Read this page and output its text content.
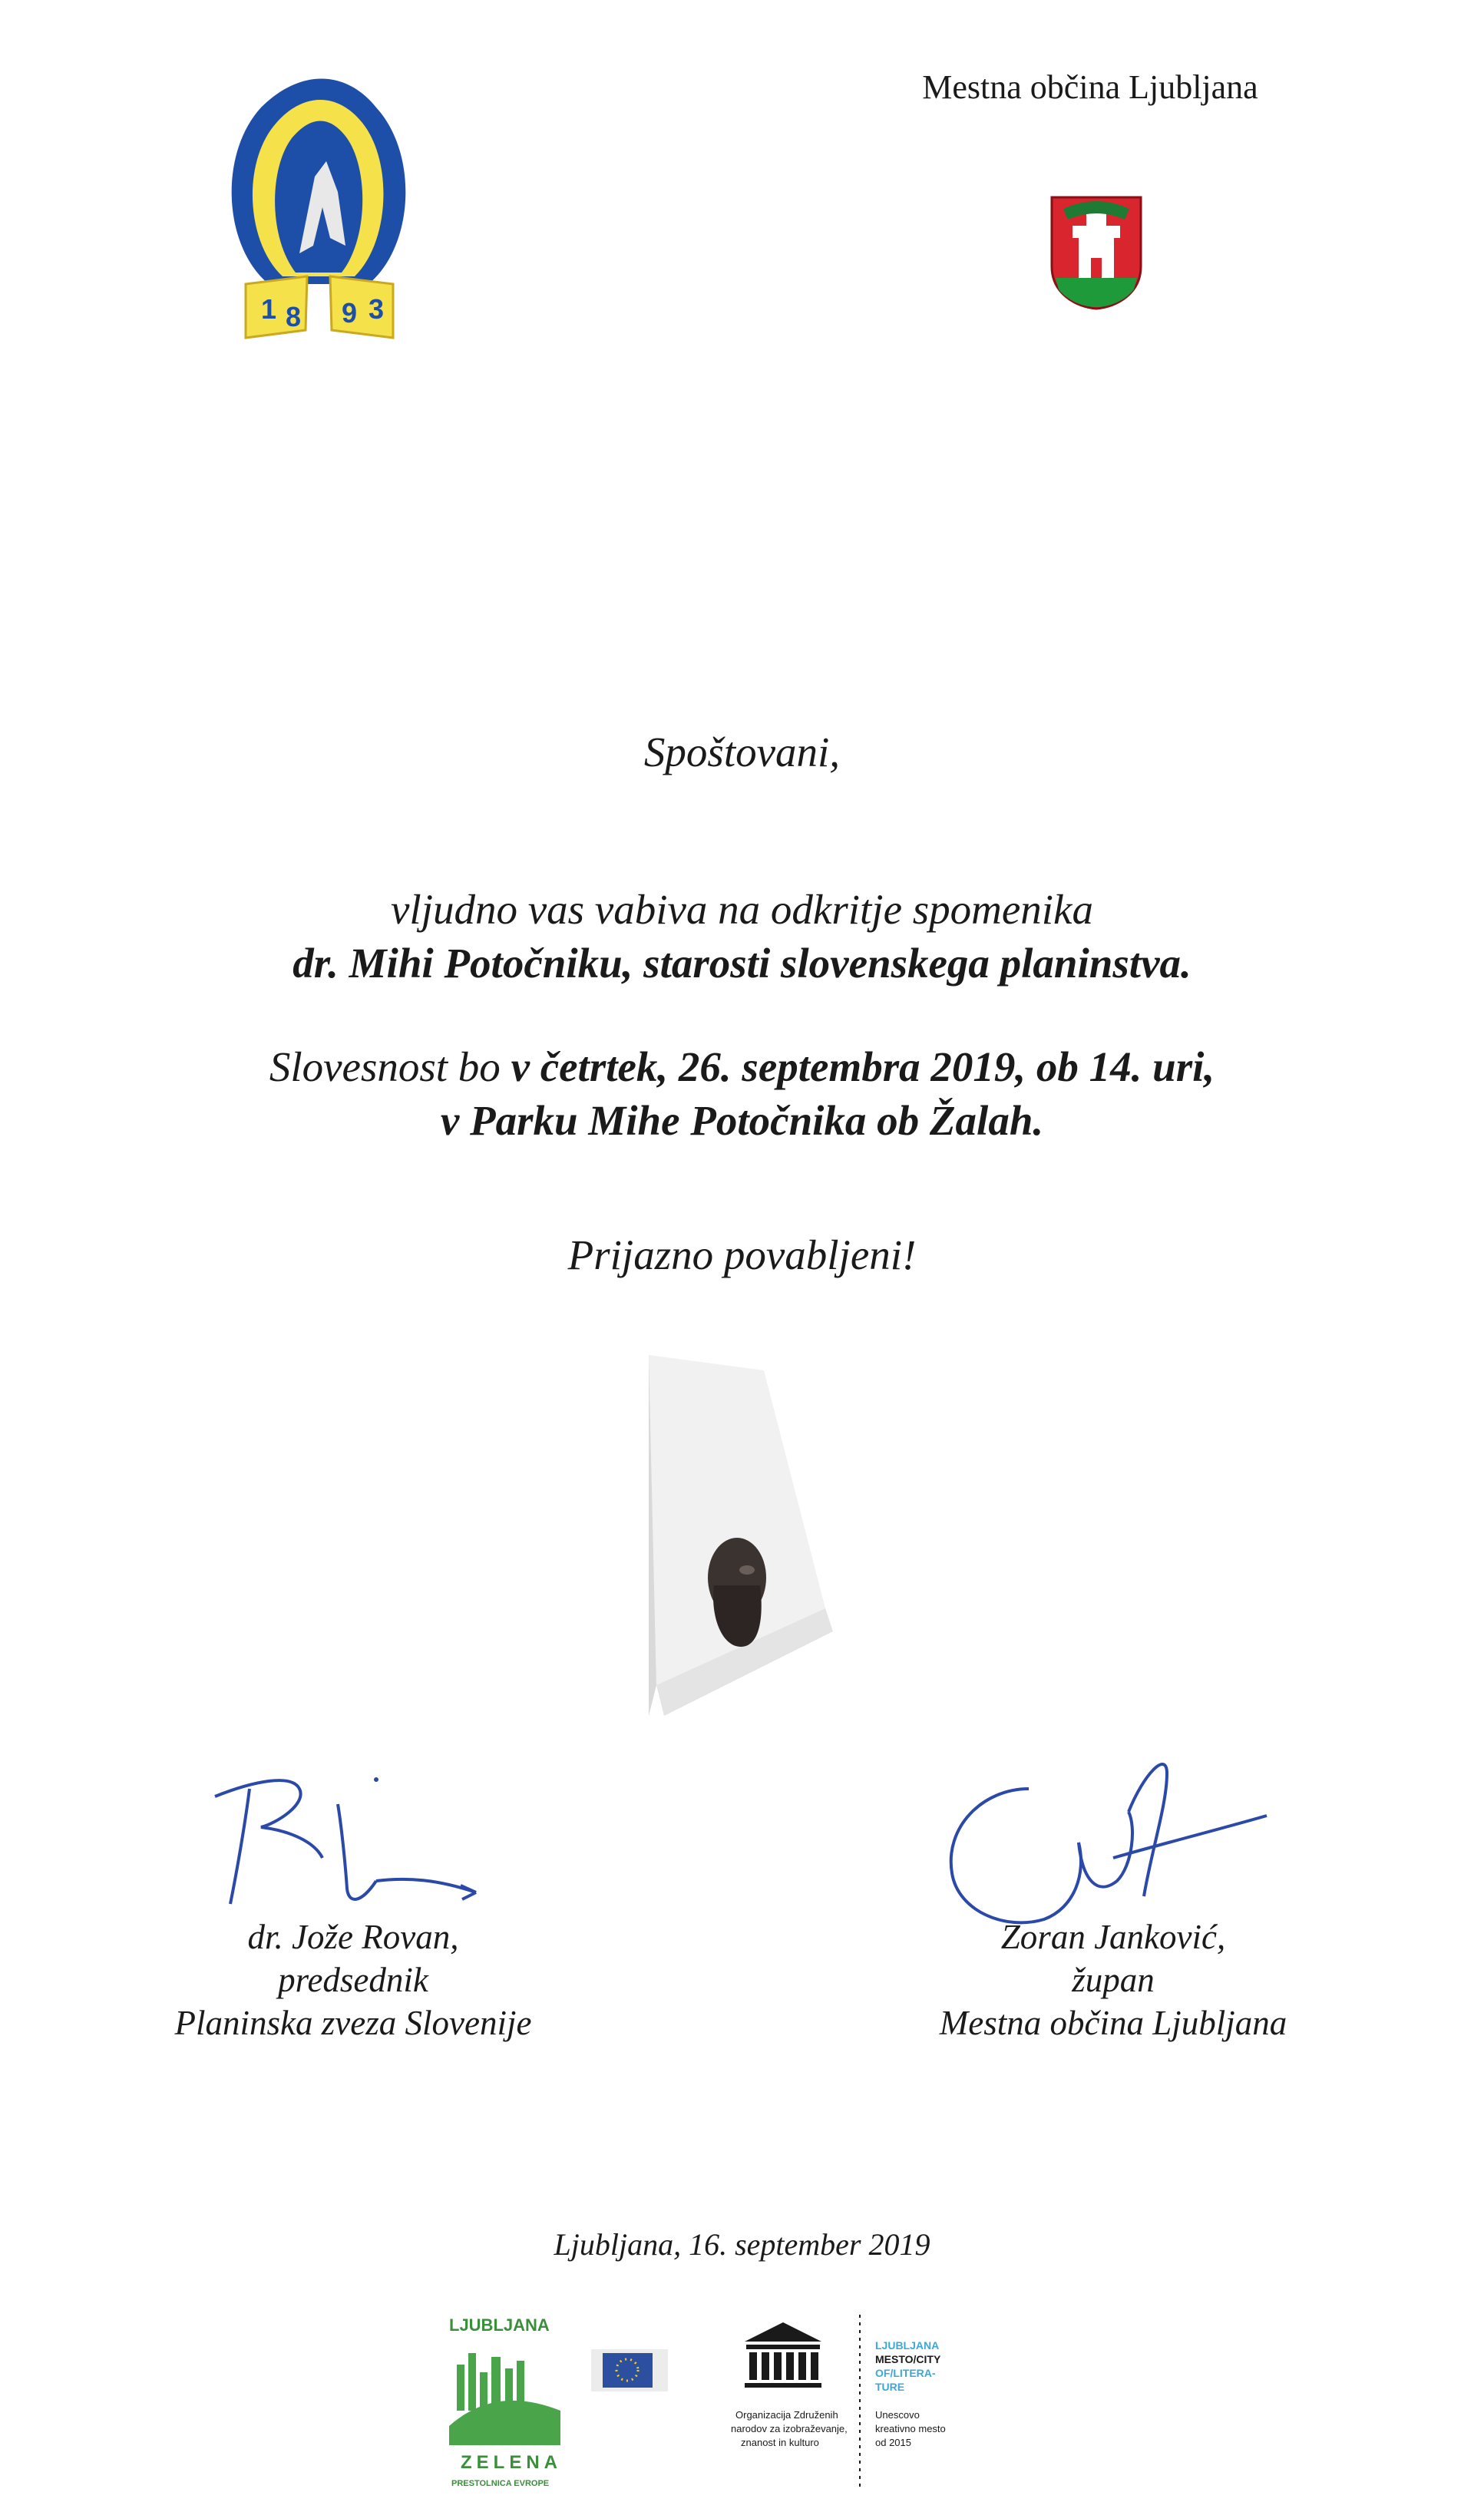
1 8 9 3
Mestna občina Ljubljana
Spoštovani,
vljudno vas vabiva na odkritje spomenika
dr. Mihi Potočniku, starosti slovenskega planinstva.
Slovesnost bo v četrtek, 26. septembra 2019, ob 14. uri,
v Parku Mihe Potočnika ob Žalah.
Prijazno povabljeni!
dr. Jože Rovan,
predsednik
Planinska zveza Slovenije
Zoran Janković,
župan
Mestna občina Ljubljana
Ljubljana, 16. september 2019
LJUBLJANA
ZELENA
PRESTOLNICA EVROPE
Organizacija Združenih
narodov za izobraževanje,
znanost in kulturo
LJUBLJANA
MESTO/CITY
OF/LITERA-
TURE
Unescovo
kreativno mesto
od 2015
